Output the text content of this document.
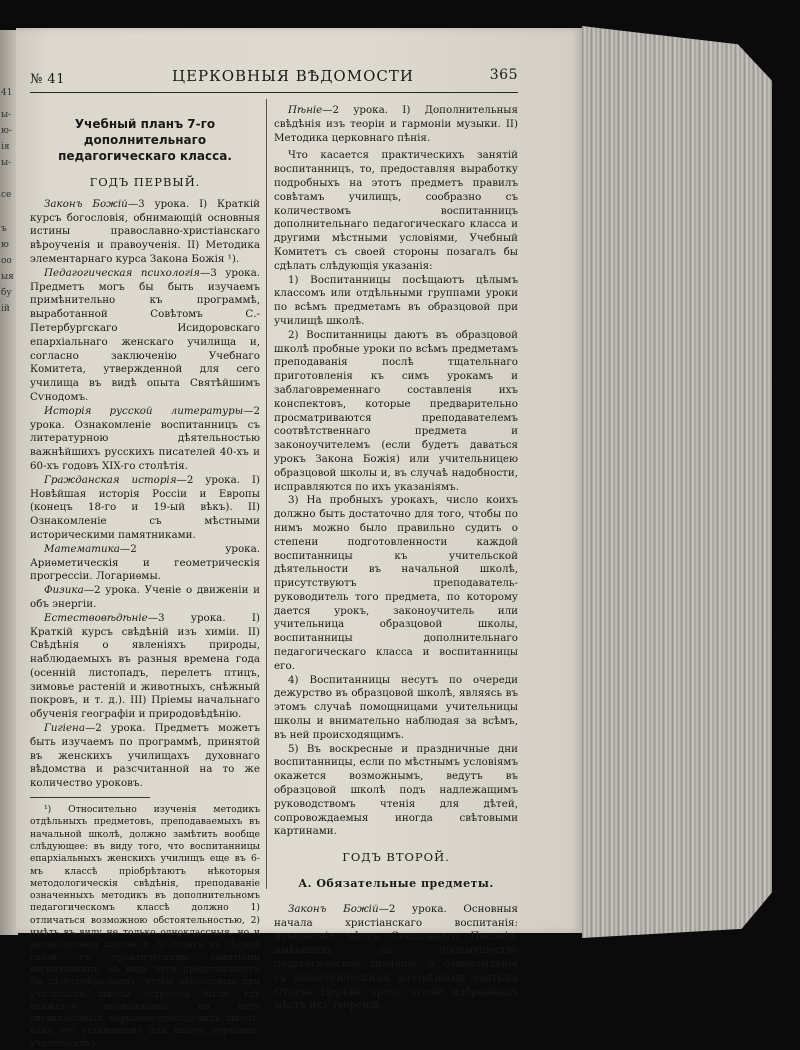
41
ы-
ю-
ія
ы-
се
ъ
ю
оо
ыя
бу
ій
№ 41	ЦЕРКОВНЫЯ ВѢДОМОСТИ	365

Учебный планъ 7-го дополнительнаго педагогическаго класса.

ГОДЪ ПЕРВЫЙ.

Законъ Божій—3 урока. I) Краткій курсъ богословія, обнимающій основныя истины православно-христіанскаго вѣроученія и правоученія. II) Методика элементарнаго курса Закона Божія ¹).

Педагогическая психологія—3 урока. Предметъ могъ бы быть изучаемъ примѣнительно къ программѣ, выработанной Совѣтомъ С.-Петербургскаго Исидоровскаго епархіальнаго женскаго училища и, согласно заключенію Учебнаго Комитета, утвержденной для сего училища въ видѣ опыта Святѣйшимъ Сѵнодомъ.

Исторія русской литературы—2 урока. Ознакомленіе воспитанницъ съ литературною дѣятельностью важнѣйшихъ русскихъ писателей 40-хъ и 60-хъ годовъ XIX-го столѣтія.

Гражданская исторія—2 урока. I) Новѣйшая исторія Россіи и Европы (конецъ 18-го и 19-ый вѣкъ). II) Ознакомленіе съ мѣстными историческими памятниками.

Математика—2 урока. Ариѳметическія и геометрическія прогрессіи. Логариѳмы.

Физика—2 урока. Ученіе о движеніи и объ энергіи.

Естествовѣдѣніе—3 урока. I) Краткій курсъ свѣдѣній изъ химіи. II) Свѣдѣнія о явленіяхъ природы, наблюдаемыхъ въ разныя времена года (осенній листопадъ, перелетъ птицъ, зимовье растеній и животныхъ, снѣжный покровъ, и т. д.). III) Пріемы начальнаго обученія географіи и природовѣдѣнію.

Гигіена—2 урока. Предметъ можетъ быть изучаемъ по программѣ, принятой въ женскихъ училищахъ духовнаго вѣдомства и разсчитанной на то же количество уроковъ.

¹) Относительно изученія методикъ отдѣльныхъ предметовъ, преподаваемыхъ въ начальной школѣ, должно замѣтить вообще слѣдующее: въ виду того, что воспитанницы епархіальныхъ женскихъ училищъ еще въ 6-мъ классѣ пріобрѣтаютъ нѣкоторыя методологическія свѣдѣнія, преподаваніе означенныхъ методикъ въ дополнительномъ педагогическомъ классѣ должно 1) отличаться возможною обстоятельностью, 2) имѣть въ виду не только одноклассныя, но и двухклассныя школы и 3) стоять въ тѣсной связи съ практическими занятіями воспитанницъ, въ виду чего представляется бы цѣлесообразнымъ, чтобы образцовыя при училищахъ школы устроены были, гдѣ окажется возможнымъ, по типу двухклассныхъ церковно-приходскихъ школъ, какъ это установлено для школъ церковно-учительскихъ.

Пѣніе—2 урока. I) Дополнительныя свѣдѣнія изъ теоріи и гармоніи музыки. II) Методика церковнаго пѣнія.

Что касается практическихъ занятій воспитанницъ, то, предоставляя выработку подробныхъ на этотъ предметъ правилъ совѣтамъ училищъ, сообразно съ количествомъ воспитанницъ дополнительнаго педагогическаго класса и другими мѣстными условіями, Учебный Комитетъ съ своей стороны позагалъ бы сдѣлать слѣдующія указанія:

1) Воспитанницы посѣщаютъ цѣлымъ классомъ или отдѣльными группами уроки по всѣмъ предметамъ въ образцовой при училищѣ школѣ.

2) Воспитанницы даютъ въ образцовой школѣ пробные уроки по всѣмъ предметамъ преподаванія послѣ тщательнаго приготовленія къ симъ урокамъ и заблаговременнаго составленія ихъ конспектовъ, которые предварительно просматриваются преподавателемъ соотвѣтственнаго предмета и законоучителемъ (если будетъ даваться урокъ Закона Божія) или учительницею образцовой школы и, въ случаѣ надобности, исправляются по ихъ указаніямъ.

3) На пробныхъ урокахъ, число коихъ должно быть достаточно для того, чтобы по нимъ можно было правильно судить о степени подготовленности каждой воспитанницы къ учительской дѣятельности въ начальной школѣ, присутствуютъ преподаватель-руководитель того предмета, по которому дается урокъ, законоучитель или учительница образцовой школы, воспитанницы дополнительнаго педагогическаго класса и воспитанницы его.

4) Воспитанницы несутъ по очереди дежурство въ образцовой школѣ, являясь въ этомъ случаѣ помощницами учительницы школы и внимательно наблюдая за всѣмъ, въ ней происходящимъ.

5) Въ воскресные и праздничные дни воспитанницы, если по мѣстнымъ условіямъ окажется возможнымъ, ведутъ въ образцовой школѣ подъ надлежащимъ руководствомъ чтенія для дѣтей, сопровождаемыя иногда свѣтовыми картинами.

ГОДЪ ВТОРОЙ.

А. Обязательные предметы.

Законъ Божій—2 урока. Основныя начала христіанскаго воспитанія: изъясненіе мѣстъ Священнаго Писанія, имѣющихъ по преимуществу педагогическое значеніе, и ознакомленіе съ педагогическими воззрѣніями святыхъ Отцевъ Церкви чрезъ чтеніе избранныхъ мѣстъ ихъ твореній.
